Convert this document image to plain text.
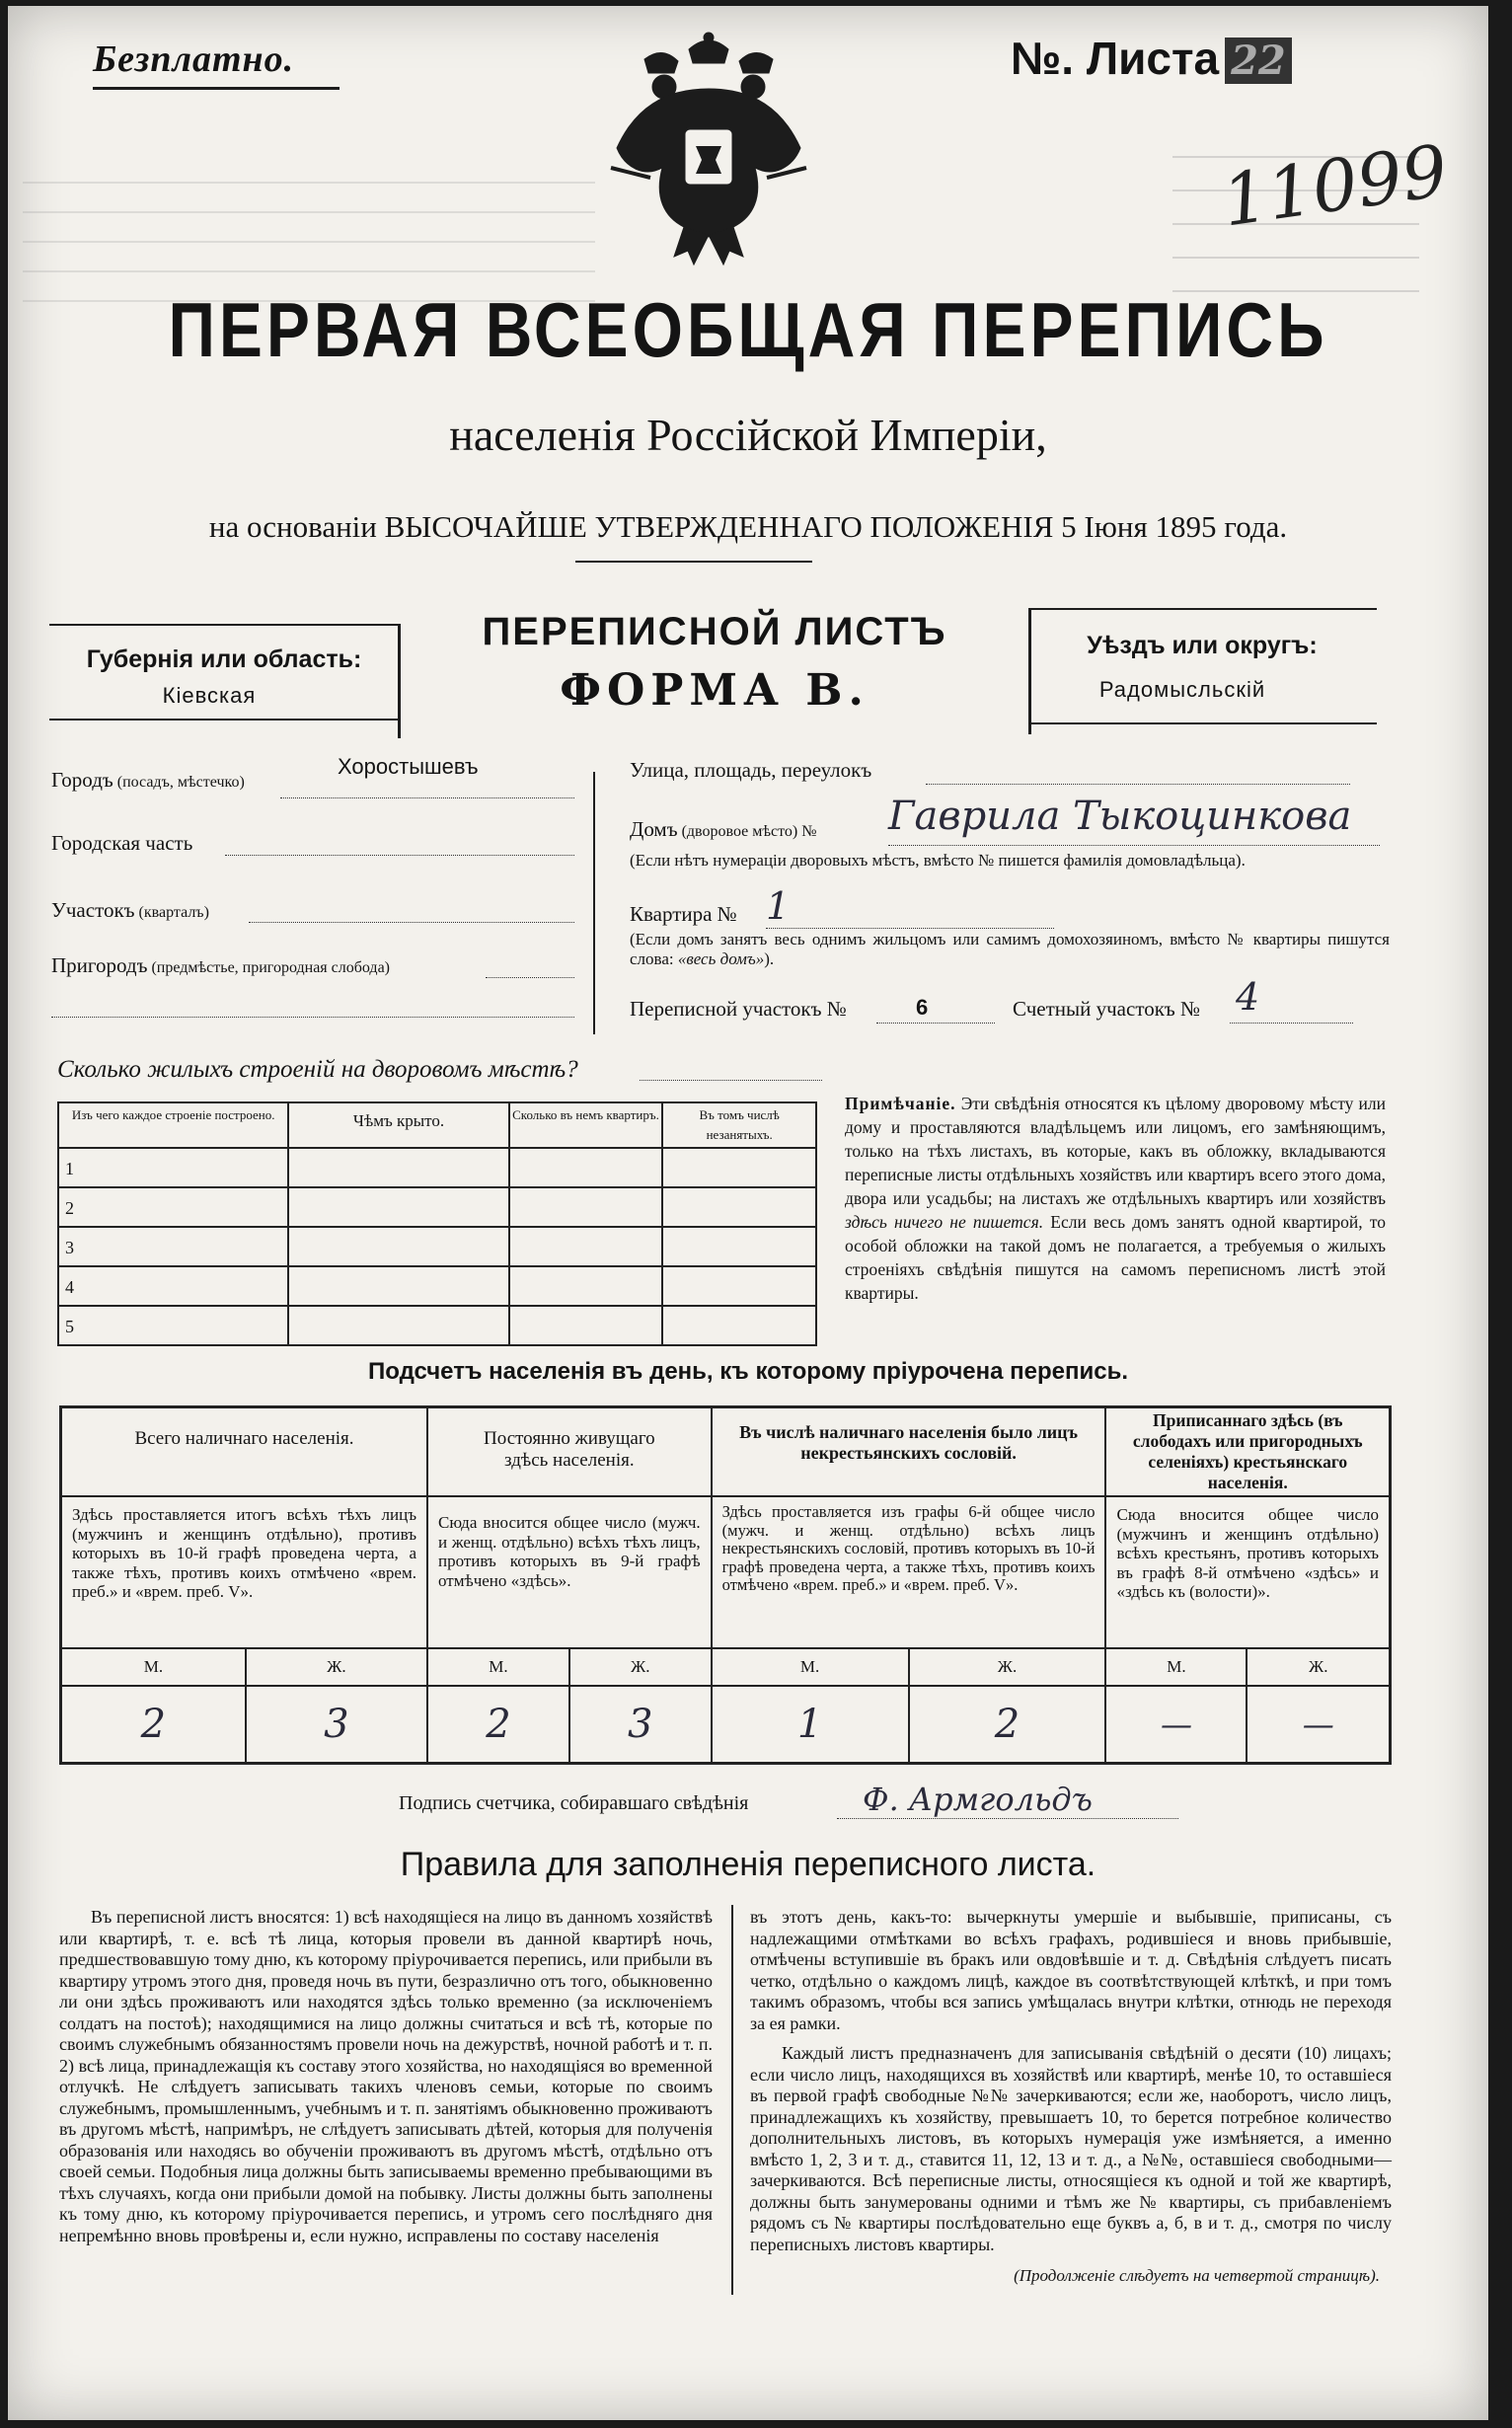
Безплатно.	№. Листа 22
11099
ПЕРВАЯ ВСЕОБЩАЯ ПЕРЕПИСЬ
населенія Россійской Имперіи,
на основаніи ВЫСОЧАЙШЕ УТВЕРЖДЕННАГО ПОЛОЖЕНІЯ 5 Іюня 1895 года.
Губернія или область:
Кіевская
ПЕРЕПИСНОЙ ЛИСТЪ
ФОРМА В.
Уѣздъ или округъ:
Радомысльскій
Городъ (посадъ, мѣстечко)
Хоростышевъ
Городская часть
Участокъ (кварталъ)
Пригородъ (предмѣстье, пригородная слобода)
Улица, площадь, переулокъ
Домъ (дворовое мѣсто) № Гаврила Тыкоцинкова
(Если нѣтъ нумераціи дворовыхъ мѣстъ, вмѣсто № пишется фамилія домовладѣльца).
Квартира № 1
(Если домъ занятъ весь однимъ жильцомъ или самимъ домохозяиномъ, вмѣсто № квартиры пишутся слова: «весь домъ»).
Переписной участокъ №	6	Счетный участокъ № 4
Сколько жилыхъ строеній на дворовомъ мѣстѣ?
Изъ чего каждое строеніе построено.	Чѣмъ крыто.	Сколько въ немъ квартиръ.	Въ томъ числѣ незанятыхъ.
1			
2			
3			
4			
5			
Примѣчаніе. Эти свѣдѣнія относятся къ цѣлому дворовому мѣсту или дому и проставляются владѣльцемъ или лицомъ, его замѣняющимъ, только на тѣхъ листахъ, въ которые, какъ въ обложку, вкладываются переписные листы отдѣльныхъ хозяйствъ или квартиръ всего этого дома, двора или усадьбы; на листахъ же отдѣльныхъ квартиръ или хозяйствъ здѣсь ничего не пишется. Если весь домъ занятъ одной квартирой, то особой обложки на такой домъ не полагается, а требуемыя о жилыхъ строеніяхъ свѣдѣнія пишутся на самомъ переписномъ листѣ этой квартиры.
Подсчетъ населенія въ день, къ которому пріурочена перепись.
Всего наличнаго населенія.		Постоянно живущаго здѣсь населенія.		Въ числѣ наличнаго населенія было лицъ некрестьянскихъ сословій.		Приписаннаго здѣсь (въ слободахъ или пригородныхъ селеніяхъ) крестьянскаго населенія.	
Здѣсь проставляется итогъ всѣхъ тѣхъ лицъ (мужчинъ и женщинъ отдѣльно), противъ которыхъ въ 10-й графѣ проведена черта, а также тѣхъ, противъ коихъ отмѣчено «врем. преб.» и «врем. преб. V».		Сюда вносится общее число (мужч. и женщ. отдѣльно) всѣхъ тѣхъ лицъ, противъ которыхъ въ 9-й графѣ отмѣчено «здѣсь».		Здѣсь проставляется изъ графы 6-й общее число (мужч. и женщ. отдѣльно) всѣхъ лицъ некрестьянскихъ сословій, противъ которыхъ въ 10-й графѣ проведена черта, а также тѣхъ, противъ коихъ отмѣчено «врем. преб.» и «врем. преб. V».		Сюда вносится общее число (мужчинъ и женщинъ отдѣльно) всѣхъ крестьянъ, противъ которыхъ въ графѣ 8-й отмѣчено «здѣсь» и «здѣсь къ (волости)».	
М.	Ж.	М.	Ж.	М.	Ж.	М.	Ж.
2	3	2	3	1	2	—	—
Подпись счетчика, собиравшаго свѣдѣнія	Ф. Армгольдъ
Правила для заполненія переписного листа.
Въ переписной листъ вносятся: 1) всѣ находящіеся на лицо въ данномъ хозяйствѣ или квартирѣ, т. е. всѣ тѣ лица, которыя провели въ данной квартирѣ ночь, предшествовавшую тому дню, къ которому пріурочивается перепись, или прибыли въ квартиру утромъ этого дня, проведя ночь въ пути, безразлично отъ того, обыкновенно ли они здѣсь проживаютъ или находятся здѣсь только временно (за исключеніемъ солдатъ на постоѣ); находящимися на лицо должны считаться и всѣ тѣ, которые по своимъ служебнымъ обязанностямъ провели ночь на дежурствѣ, ночной работѣ и т. п. 2) всѣ лица, принадлежащія къ составу этого хозяйства, но находящіяся во временной отлучкѣ. Не слѣдуетъ записывать такихъ членовъ семьи, которые по своимъ служебнымъ, промышленнымъ, учебнымъ и т. п. занятіямъ обыкновенно проживаютъ въ другомъ мѣстѣ, напримѣръ, не слѣдуетъ записывать дѣтей, которыя для полученія образованія или находясь во обученіи проживаютъ въ другомъ мѣстѣ, отдѣльно отъ своей семьи. Подобныя лица должны быть записываемы временно пребывающими въ тѣхъ случаяхъ, когда они прибыли домой на побывку. Листы должны быть заполнены къ тому дню, къ которому пріурочивается перепись, и утромъ сего послѣдняго дня непремѣнно вновь провѣрены и, если нужно, исправлены по составу населенія
въ этотъ день, какъ-то: вычеркнуты умершіе и выбывшіе, приписаны, съ надлежащими отмѣтками во всѣхъ графахъ, родившіеся и вновь прибывшіе, отмѣчены вступившіе въ бракъ или овдовѣвшіе и т. д. Свѣдѣнія слѣдуетъ писать четко, отдѣльно о каждомъ лицѣ, каждое въ соотвѣтствующей клѣткѣ, и при томъ такимъ образомъ, чтобы вся запись умѣщалась внутри клѣтки, отнюдь не переходя за ея рамки.
Каждый листъ предназначенъ для записыванія свѣдѣній о десяти (10) лицахъ; если число лицъ, находящихся въ хозяйствѣ или квартирѣ, менѣе 10, то оставшіеся въ первой графѣ свободные №№ зачеркиваются; если же, наоборотъ, число лицъ, принадлежащихъ къ хозяйству, превышаетъ 10, то берется потребное количество дополнительныхъ листовъ, въ которыхъ нумерація уже измѣняется, а именно вмѣсто 1, 2, 3 и т. д., ставится 11, 12, 13 и т. д., а №№, оставшіеся свободными—зачеркиваются. Всѣ переписные листы, относящіеся къ одной и той же квартирѣ, должны быть занумерованы одними и тѣмъ же № квартиры, съ прибавленіемъ рядомъ съ № квартиры послѣдовательно еще буквъ а, б, в и т. д., смотря по числу переписныхъ листовъ квартиры.
(Продолженіе слѣдуетъ на четвертой страницѣ).
